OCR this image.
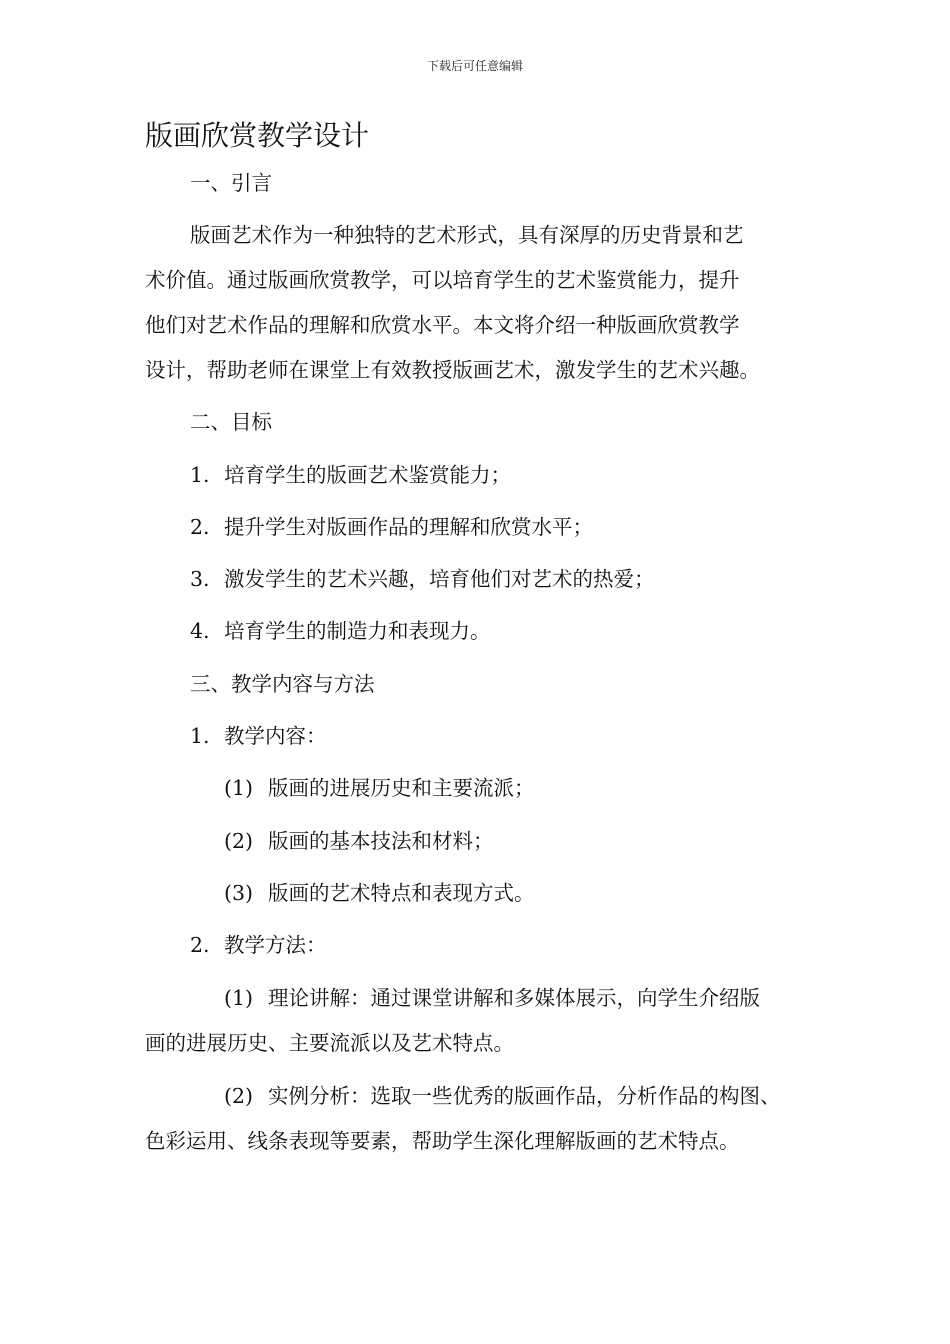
下载后可任意编辑
版画欣赏教学设计
一、引言
版画艺术作为一种独特的艺术形式，具有深厚的历史背景和艺
术价值。通过版画欣赏教学，可以培育学生的艺术鉴赏能力，提升
他们对艺术作品的理解和欣赏水平。本文将介绍一种版画欣赏教学
设计，帮助老师在课堂上有效教授版画艺术，激发学生的艺术兴趣。
二、目标
1. 培育学生的版画艺术鉴赏能力；
2. 提升学生对版画作品的理解和欣赏水平；
3. 激发学生的艺术兴趣，培育他们对艺术的热爱；
4. 培育学生的制造力和表现力。
三、教学内容与方法
1. 教学内容：
(1) 版画的进展历史和主要流派；
(2) 版画的基本技法和材料；
(3) 版画的艺术特点和表现方式。
2. 教学方法：
(1) 理论讲解：通过课堂讲解和多媒体展示，向学生介绍版
画的进展历史、主要流派以及艺术特点。
(2) 实例分析：选取一些优秀的版画作品，分析作品的构图、
色彩运用、线条表现等要素，帮助学生深化理解版画的艺术特点。
